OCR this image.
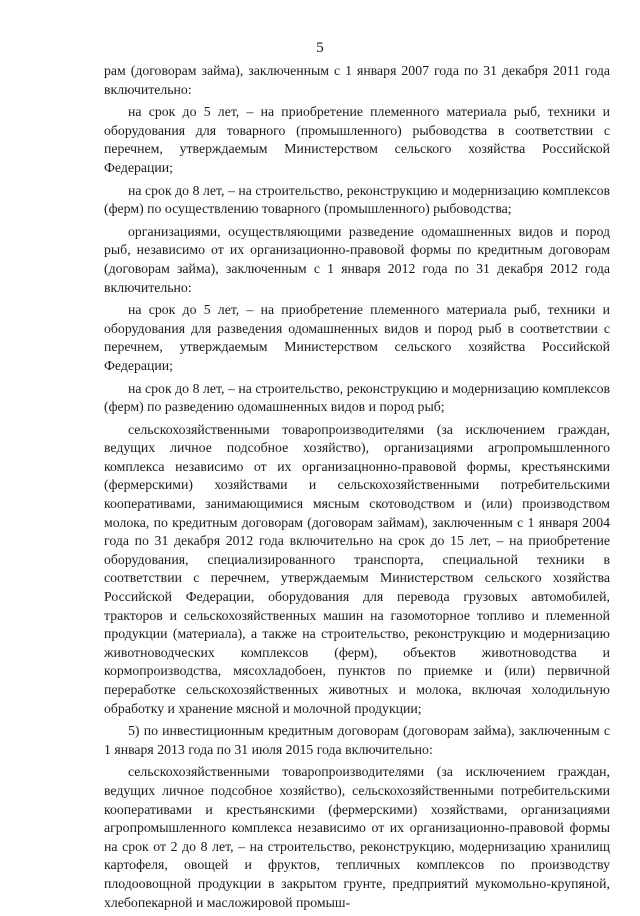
5

рам (договорам займа), заключенным с 1 января 2007 года по 31 декабря 2011 года включительно:

на срок до 5 лет, – на приобретение племенного материала рыб, техники и оборудования для товарного (промышленного) рыбоводства в соответствии с перечнем, утверждаемым Министерством сельского хозяйства Российской Федерации;

на срок до 8 лет, – на строительство, реконструкцию и модернизацию комплексов (ферм) по осуществлению товарного (промышленного) рыбоводства;

организациями, осуществляющими разведение одомашненных видов и пород рыб, независимо от их организационно-правовой формы по кредитным договорам (договорам займа), заключенным с 1 января 2012 года по 31 декабря 2012 года включительно:

на срок до 5 лет, – на приобретение племенного материала рыб, техники и оборудования для разведения одомашненных видов и пород рыб в соответствии с перечнем, утверждаемым Министерством сельского хозяйства Российской Федерации;

на срок до 8 лет, – на строительство, реконструкцию и модернизацию комплексов (ферм) по разведению одомашненных видов и пород рыб;

сельскохозяйственными товаропроизводителями (за исключением граждан, ведущих личное подсобное хозяйство), организациями агропромышленного комплекса независимо от их организацнонно-правовой формы, крестьянскими (фермерскими) хозяйствами и сельскохозяйственными потребительскими кооперативами, занимающимися мясным скотоводством и (или) производством молока, по кредитным договорам (договорам займам), заключенным с 1 января 2004 года по 31 декабря 2012 года включительно на срок до 15 лет, – на приобретение оборудования, специализированного транспорта, специальной техники в соответствии с перечнем, утверждаемым Министерством сельского хозяйства Российской Федерации, оборудования для перевода грузовых автомобилей, тракторов и сельскохозяйственных машин на газомоторное топливо и племенной продукции (материала), а также на строительство, реконструкцию и модернизацию животноводческих комплексов (ферм), объектов животноводства и кормопроизводства, мясохладобоен, пунктов по приемке и (или) первичной переработке сельскохозяйственных животных и молока, включая холодильную обработку и хранение мясной и молочной продукции;

5) по инвестиционным кредитным договорам (договорам займа), заключенным с 1 января 2013 года по 31 июля 2015 года включительно:

сельскохозяйственными товаропроизводителями (за исключением граждан, ведущих личное подсобное хозяйство), сельскохозяйственными потребительскими кооперативами и крестьянскими (фермерскими) хозяйствами, организациями агропромышленного комплекса независимо от их организационно-правовой формы на срок от 2 до 8 лет, – на строительство, реконструкцию, модернизацию хранилищ картофеля, овощей и фруктов, тепличных комплексов по производству плодоовощной продукции в закрытом грунте, предприятий мукомольно-крупяной, хлебопекарной и масложировой промыш-
